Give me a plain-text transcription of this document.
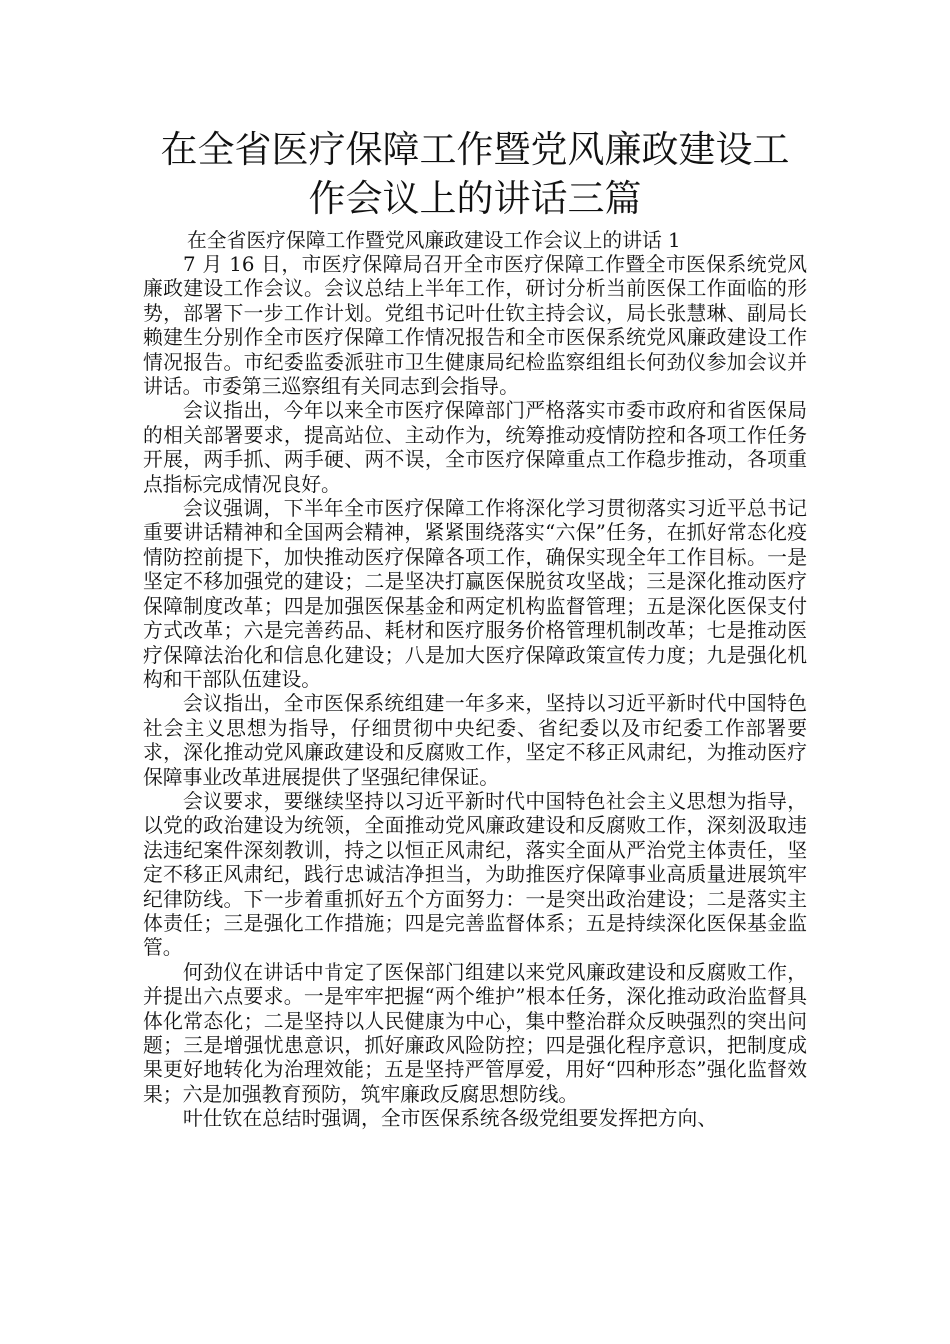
在全省医疗保障工作暨党风廉政建设工作会议上的讲话三篇

在全省医疗保障工作暨党风廉政建设工作会议上的讲话 1

7 月 16 日，市医疗保障局召开全市医疗保障工作暨全市医保系统党风廉政建设工作会议。会议总结上半年工作，研讨分析当前医保工作面临的形势，部署下一步工作计划。党组书记叶仕钦主持会议，局长张慧琳、副局长赖建生分别作全市医疗保障工作情况报告和全市医保系统党风廉政建设工作情况报告。市纪委监委派驻市卫生健康局纪检监察组组长何劲仪参加会议并讲话。市委第三巡察组有关同志到会指导。

会议指出，今年以来全市医疗保障部门严格落实市委市政府和省医保局的相关部署要求，提高站位、主动作为，统筹推动疫情防控和各项工作任务开展，两手抓、两手硬、两不误，全市医疗保障重点工作稳步推动，各项重点指标完成情况良好。

会议强调，下半年全市医疗保障工作将深化学习贯彻落实习近平总书记重要讲话精神和全国两会精神，紧紧围绕落实“六保”任务，在抓好常态化疫情防控前提下，加快推动医疗保障各项工作，确保实现全年工作目标。一是坚定不移加强党的建设；二是坚决打赢医保脱贫攻坚战；三是深化推动医疗保障制度改革；四是加强医保基金和两定机构监督管理；五是深化医保支付方式改革；六是完善药品、耗材和医疗服务价格管理机制改革；七是推动医疗保障法治化和信息化建设；八是加大医疗保障政策宣传力度；九是强化机构和干部队伍建设。

会议指出，全市医保系统组建一年多来，坚持以习近平新时代中国特色社会主义思想为指导，仔细贯彻中央纪委、省纪委以及市纪委工作部署要求，深化推动党风廉政建设和反腐败工作，坚定不移正风肃纪，为推动医疗保障事业改革进展提供了坚强纪律保证。

会议要求，要继续坚持以习近平新时代中国特色社会主义思想为指导，以党的政治建设为统领，全面推动党风廉政建设和反腐败工作，深刻汲取违法违纪案件深刻教训，持之以恒正风肃纪，落实全面从严治党主体责任，坚定不移正风肃纪，践行忠诚洁净担当，为助推医疗保障事业高质量进展筑牢纪律防线。下一步着重抓好五个方面努力：一是突出政治建设；二是落实主体责任；三是强化工作措施；四是完善监督体系；五是持续深化医保基金监管。

何劲仪在讲话中肯定了医保部门组建以来党风廉政建设和反腐败工作，并提出六点要求。一是牢牢把握“两个维护”根本任务，深化推动政治监督具体化常态化；二是坚持以人民健康为中心，集中整治群众反映强烈的突出问题；三是增强忧患意识，抓好廉政风险防控；四是强化程序意识，把制度成果更好地转化为治理效能；五是坚持严管厚爱，用好“四种形态”强化监督效果；六是加强教育预防，筑牢廉政反腐思想防线。

叶仕钦在总结时强调，全市医保系统各级党组要发挥把方向、
